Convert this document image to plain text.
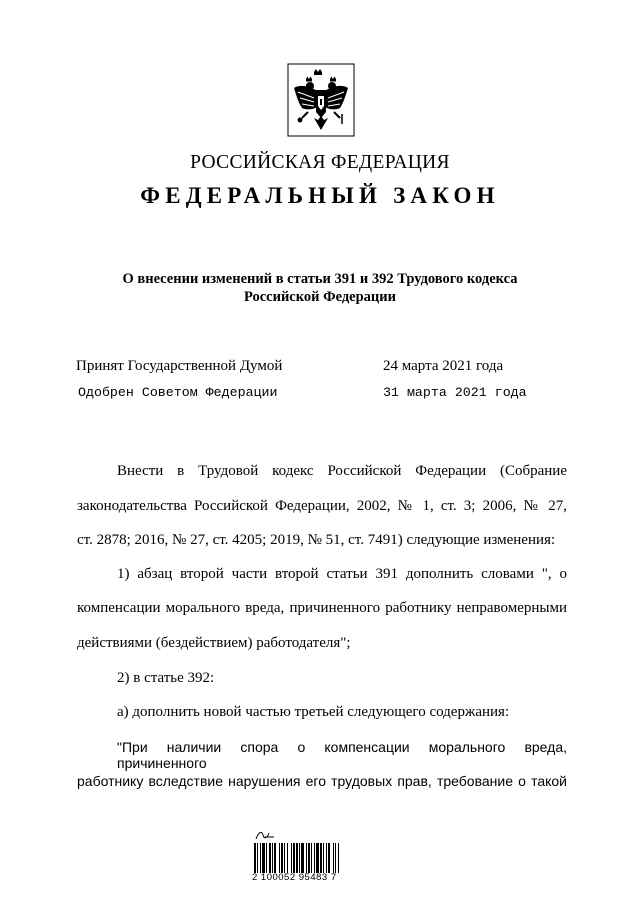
РОССИЙСКАЯ ФЕДЕРАЦИЯ
ФЕДЕРАЛЬНЫЙ ЗАКОН
О внесении изменений в статьи 391 и 392 Трудового кодекса
Российской Федерации
Принят Государственной Думой	24 марта 2021 года
Одобрен Советом Федерации	31 марта 2021 года
Внести в Трудовой кодекс Российской Федерации (Собрание
законодательства Российской Федерации, 2002, № 1, ст. 3; 2006, № 27,
ст. 2878; 2016, № 27, ст. 4205; 2019, № 51, ст. 7491) следующие изменения:
1) абзац второй части второй статьи 391 дополнить словами ", о
компенсации морального вреда, причиненного работнику неправомерными
действиями (бездействием) работодателя";
2) в статье 392:
а) дополнить новой частью третьей следующего содержания:
"При наличии спора о компенсации морального вреда, причиненного
работнику вследствие нарушения его трудовых прав, требование о такой
2 100052 95483 7
